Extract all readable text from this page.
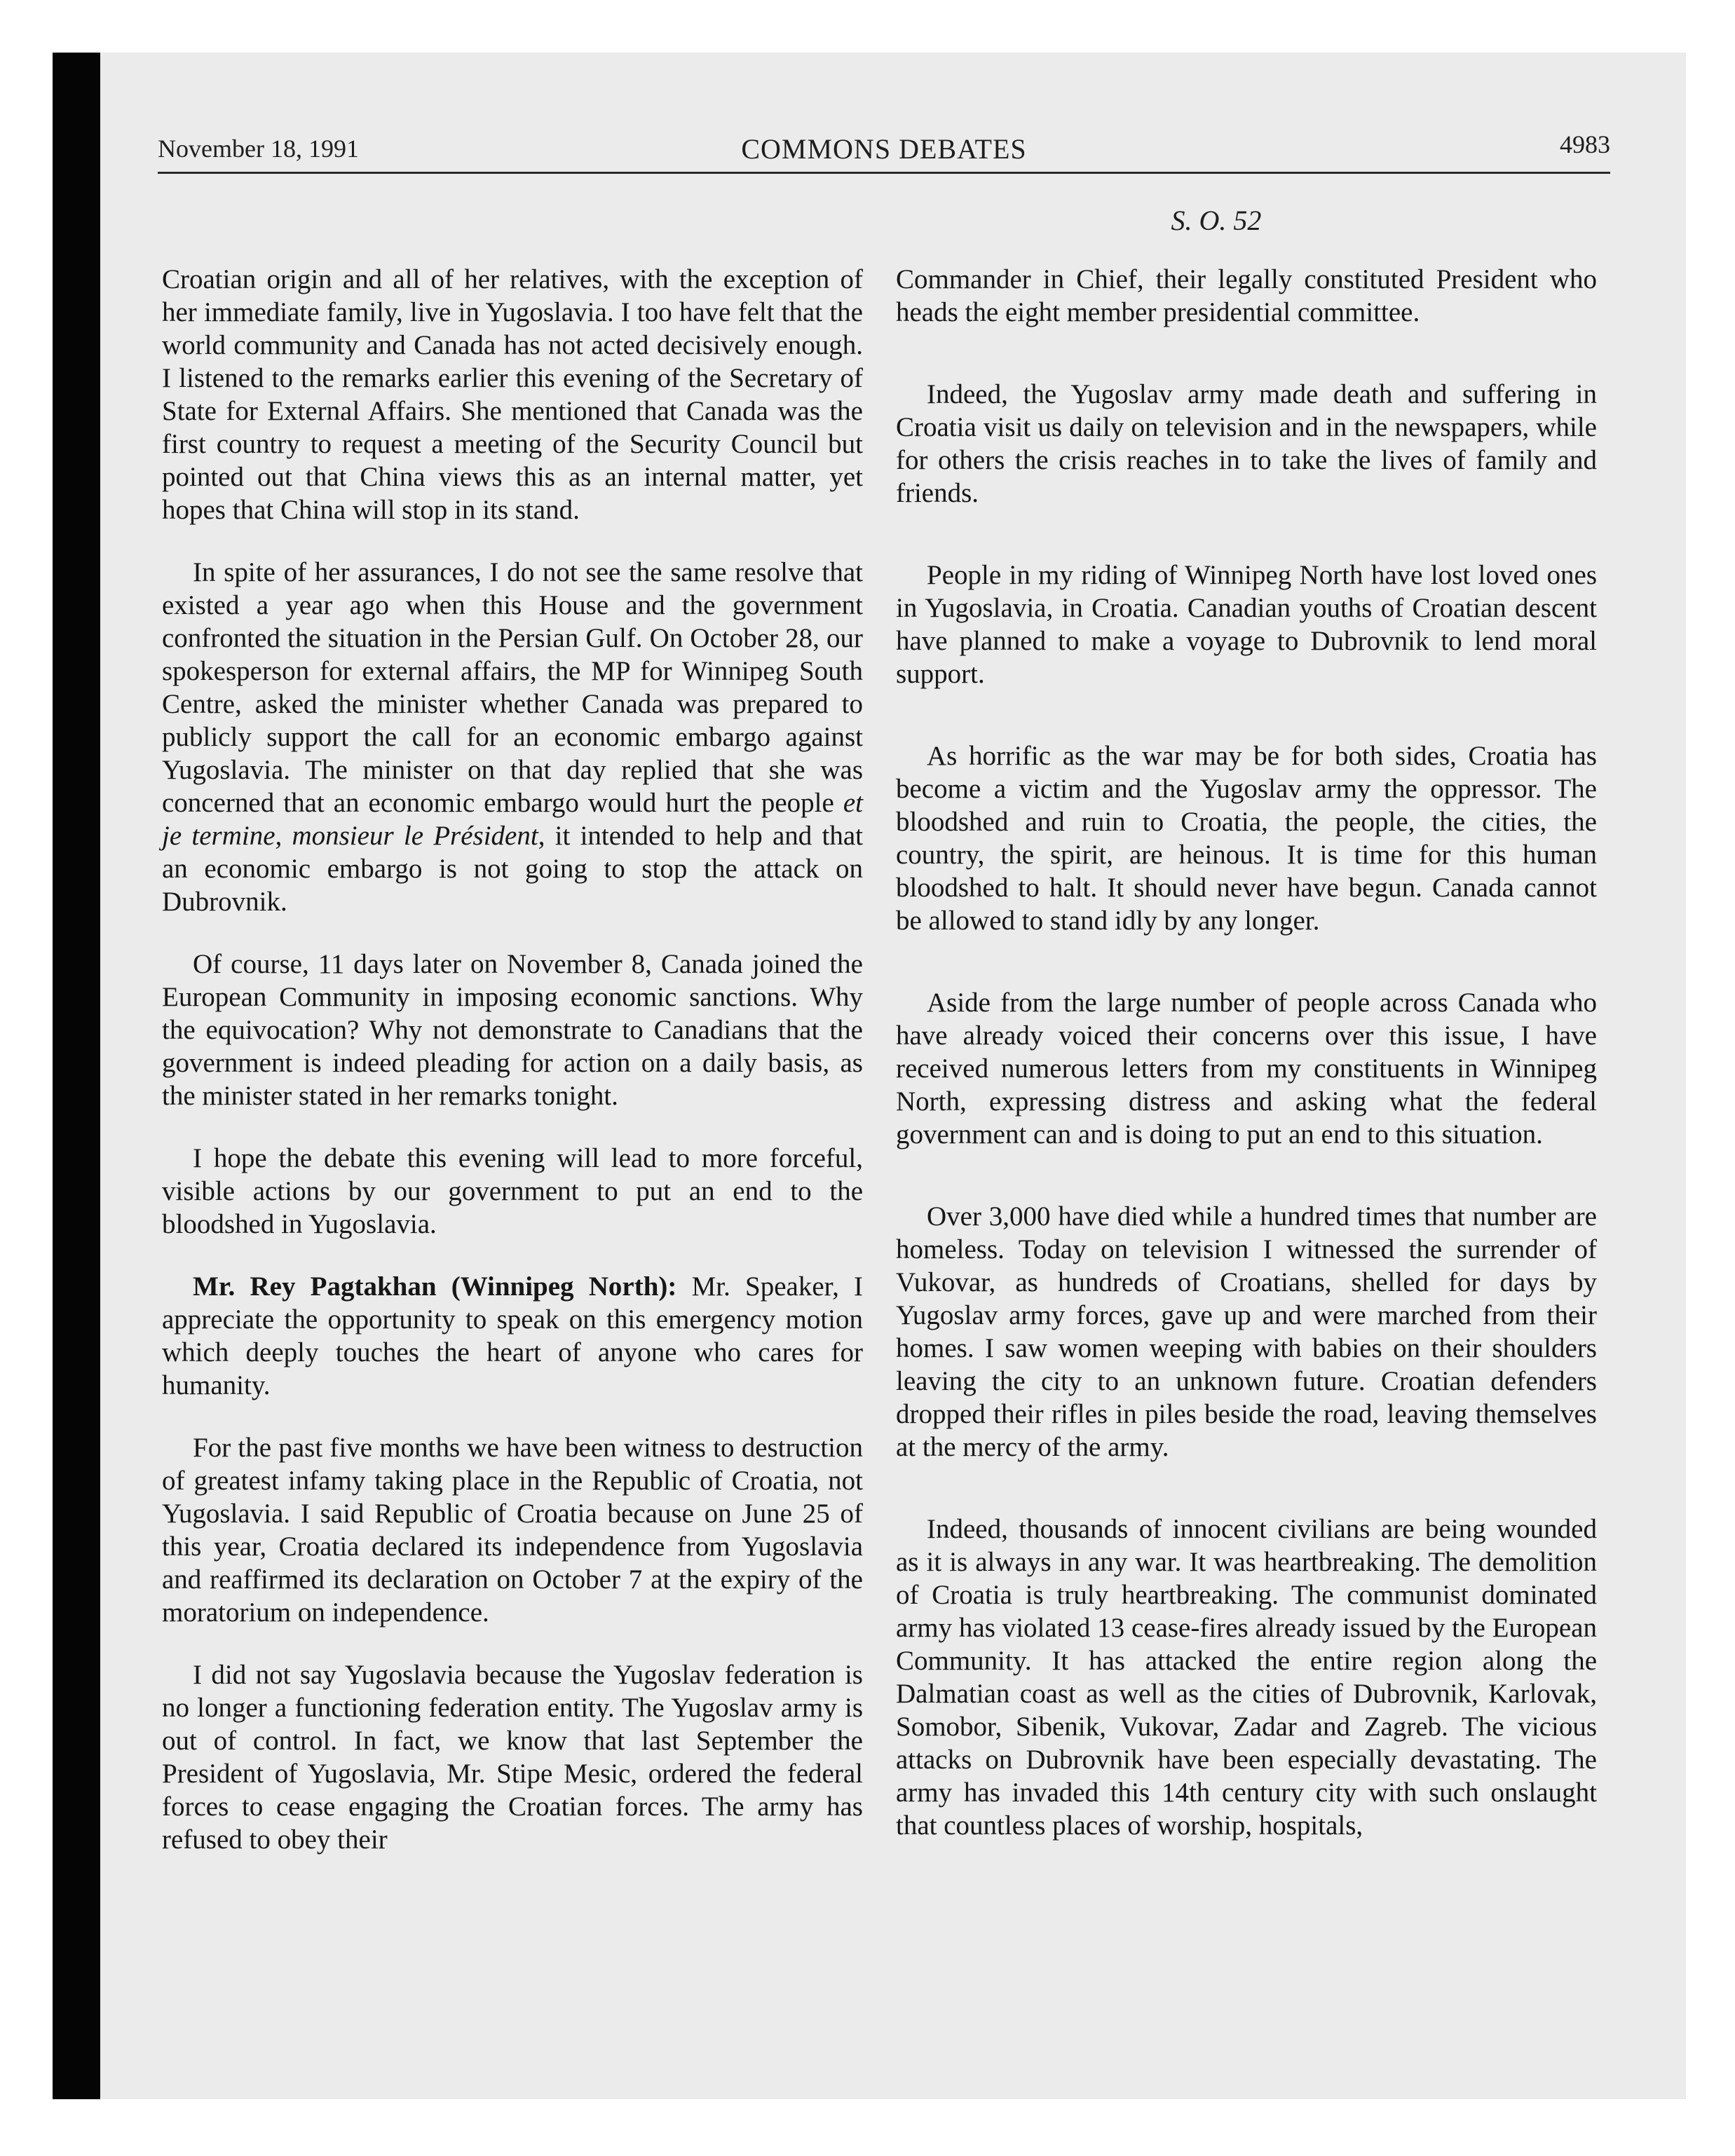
November 18, 1991	COMMONS DEBATES	4983
S. O. 52

Croatian origin and all of her relatives, with the exception of her immediate family, live in Yugoslavia. I too have felt that the world community and Canada has not acted decisively enough. I listened to the remarks earlier this evening of the Secretary of State for External Affairs. She mentioned that Canada was the first country to request a meeting of the Security Council but pointed out that China views this as an internal matter, yet hopes that China will stop in its stand.

In spite of her assurances, I do not see the same resolve that existed a year ago when this House and the government confronted the situation in the Persian Gulf. On October 28, our spokesperson for external affairs, the MP for Winnipeg South Centre, asked the minister whether Canada was prepared to publicly support the call for an economic embargo against Yugoslavia. The minister on that day replied that she was concerned that an economic embargo would hurt the people et je termine, monsieur le Président, it intended to help and that an economic embargo is not going to stop the attack on Dubrovnik.

Of course, 11 days later on November 8, Canada joined the European Community in imposing economic sanctions. Why the equivocation? Why not demonstrate to Canadians that the government is indeed pleading for action on a daily basis, as the minister stated in her remarks tonight.

I hope the debate this evening will lead to more forceful, visible actions by our government to put an end to the bloodshed in Yugoslavia.

Mr. Rey Pagtakhan (Winnipeg North): Mr. Speaker, I appreciate the opportunity to speak on this emergency motion which deeply touches the heart of anyone who cares for humanity.

For the past five months we have been witness to destruction of greatest infamy taking place in the Republic of Croatia, not Yugoslavia. I said Republic of Croatia because on June 25 of this year, Croatia declared its independence from Yugoslavia and reaffirmed its declaration on October 7 at the expiry of the moratorium on independence.

I did not say Yugoslavia because the Yugoslav federation is no longer a functioning federation entity. The Yugoslav army is out of control. In fact, we know that last September the President of Yugoslavia, Mr. Stipe Mesic, ordered the federal forces to cease engaging the Croatian forces. The army has refused to obey their

Commander in Chief, their legally constituted President who heads the eight member presidential committee.

Indeed, the Yugoslav army made death and suffering in Croatia visit us daily on television and in the newspapers, while for others the crisis reaches in to take the lives of family and friends.

People in my riding of Winnipeg North have lost loved ones in Yugoslavia, in Croatia. Canadian youths of Croatian descent have planned to make a voyage to Dubrovnik to lend moral support.

As horrific as the war may be for both sides, Croatia has become a victim and the Yugoslav army the oppressor. The bloodshed and ruin to Croatia, the people, the cities, the country, the spirit, are heinous. It is time for this human bloodshed to halt. It should never have begun. Canada cannot be allowed to stand idly by any longer.

Aside from the large number of people across Canada who have already voiced their concerns over this issue, I have received numerous letters from my constituents in Winnipeg North, expressing distress and asking what the federal government can and is doing to put an end to this situation.

Over 3,000 have died while a hundred times that number are homeless. Today on television I witnessed the surrender of Vukovar, as hundreds of Croatians, shelled for days by Yugoslav army forces, gave up and were marched from their homes. I saw women weeping with babies on their shoulders leaving the city to an unknown future. Croatian defenders dropped their rifles in piles beside the road, leaving themselves at the mercy of the army.

Indeed, thousands of innocent civilians are being wounded as it is always in any war. It was heartbreaking. The demolition of Croatia is truly heartbreaking. The communist dominated army has violated 13 cease-fires already issued by the European Community. It has attacked the entire region along the Dalmatian coast as well as the cities of Dubrovnik, Karlovak, Somobor, Sibenik, Vukovar, Zadar and Zagreb. The vicious attacks on Dubrovnik have been especially devastating. The army has invaded this 14th century city with such onslaught that countless places of worship, hospitals,
